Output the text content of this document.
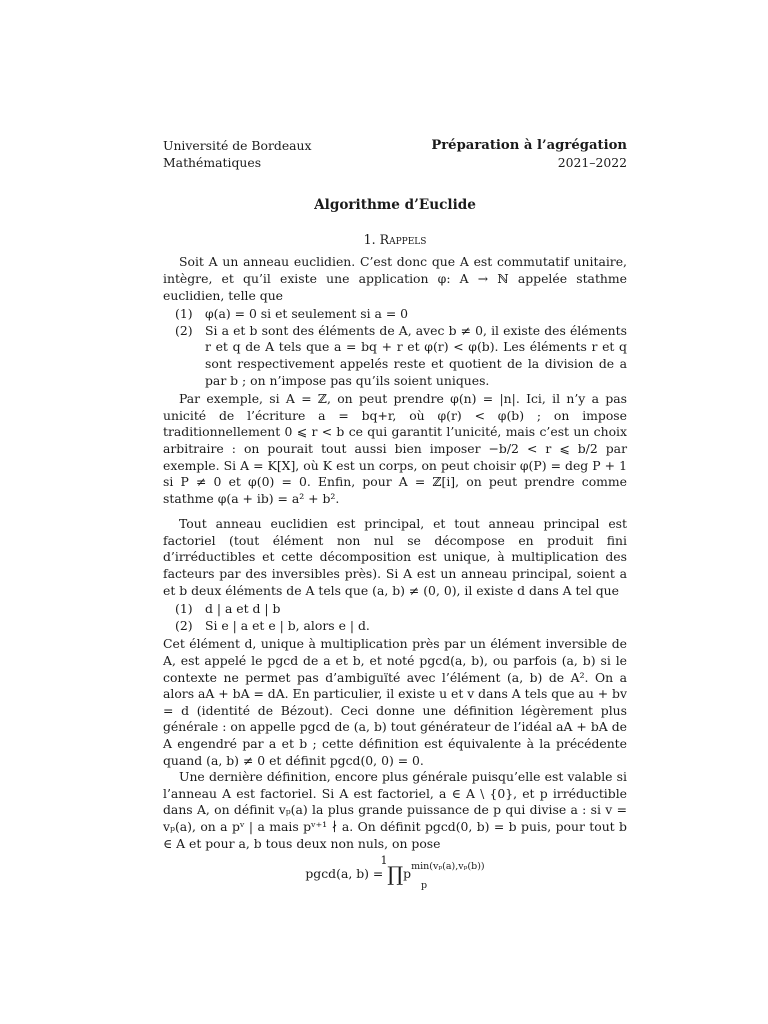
Université de Bordeaux
Mathématiques
Préparation à l’agrégation
2021–2022
Algorithme d’Euclide
1. Rappels

Soit A un anneau euclidien. C’est donc que A est commutatif unitaire, intègre, et qu’il existe une application φ: A → ℕ appelée stathme euclidien, telle que

(1)	φ(a) = 0 si et seulement si a = 0
(2)	Si a et b sont des éléments de A, avec b ≠ 0, il existe des éléments r et q de A tels que a = bq + r et φ(r) < φ(b). Les éléments r et q sont respectivement appelés reste et quotient de la division de a par b ; on n’impose pas qu’ils soient uniques.

Par exemple, si A = ℤ, on peut prendre φ(n) = |n|. Ici, il n’y a pas unicité de l’écriture a = bq+r, où φ(r) < φ(b) ; on impose traditionnellement 0 ⩽ r < b ce qui garantit l’unicité, mais c’est un choix arbitraire : on pourait tout aussi bien imposer −b/2 < r ⩽ b/2 par exemple. Si A = K[X], où K est un corps, on peut choisir φ(P) = deg P + 1 si P ≠ 0 et φ(0) = 0. Enfin, pour A = ℤ[i], on peut prendre comme stathme φ(a + ib) = a² + b².

Tout anneau euclidien est principal, et tout anneau principal est factoriel (tout élément non nul se décompose en produit fini d’irréductibles et cette décomposition est unique, à multiplication des facteurs par des inversibles près). Si A est un anneau principal, soient a et b deux éléments de A tels que (a, b) ≠ (0, 0), il existe d dans A tel que

(1)	d | a et d | b
(2)	Si e | a et e | b, alors e | d.

Cet élément d, unique à multiplication près par un élément inversible de A, est appelé le pgcd de a et b, et noté pgcd(a, b), ou parfois (a, b) si le contexte ne permet pas d’ambiguïté avec l’élément (a, b) de A². On a alors aA + bA = dA. En particulier, il existe u et v dans A tels que au + bv = d (identité de Bézout). Ceci donne une définition légèrement plus générale : on appelle pgcd de (a, b) tout générateur de l’idéal aA + bA de A engendré par a et b ; cette définition est équivalente à la précédente quand (a, b) ≠ 0 et définit pgcd(0, 0) = 0.

Une dernière définition, encore plus générale puisqu’elle est valable si l’anneau A est factoriel. Si A est factoriel, a ∈ A \ {0}, et p irréductible dans A, on définit vₚ(a) la plus grande puissance de p qui divise a : si v = vₚ(a), on a pᵛ | a mais pᵛ⁺¹ ∤ a. On définit pgcd(0, b) = b puis, pour tout b ∈ A et pour a, b tous deux non nuls, on pose

pgcd(a, $b) = \prod p^{min(v_p(a),v_p(b))}$
p
1
